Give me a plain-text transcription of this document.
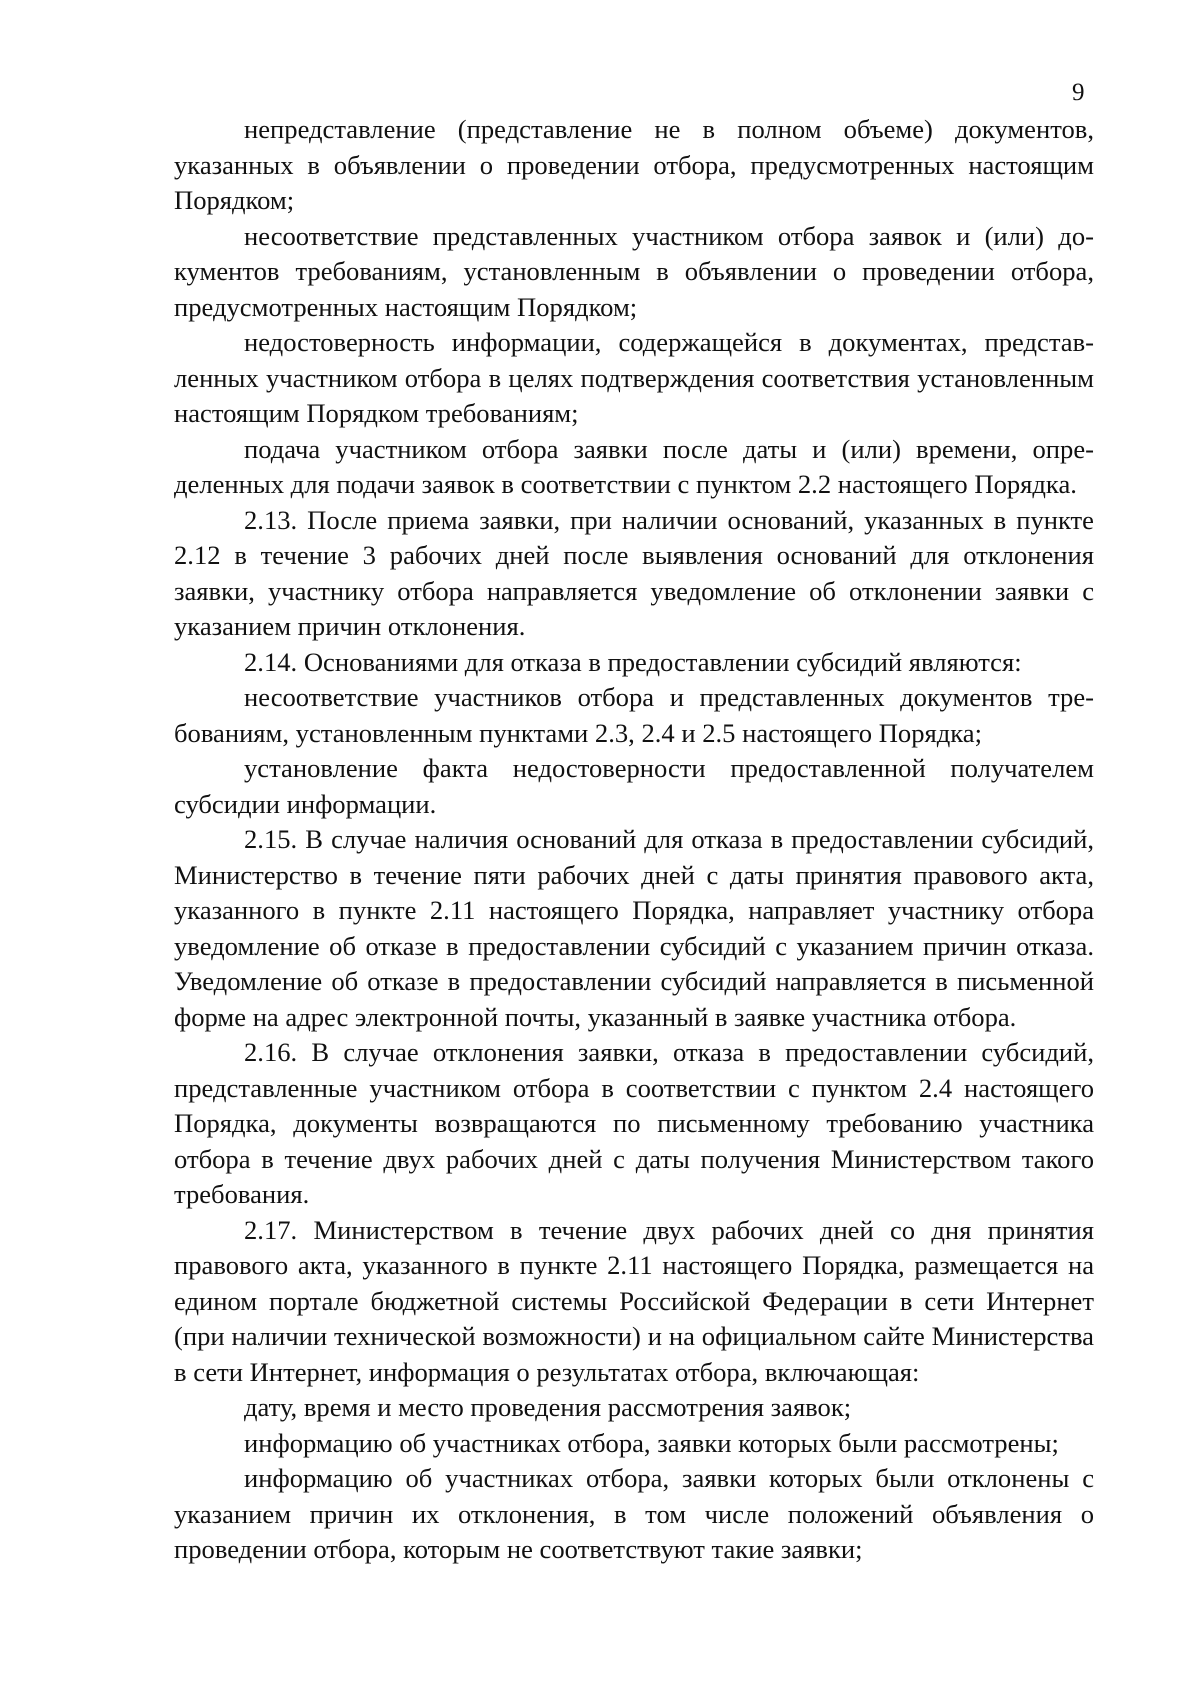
9

непредставление (представление не в полном объеме) документов, указанных в объявлении о проведении отбора, предусмотренных настоящим Порядком;

несоответствие представленных участником отбора заявок и (или) документов требованиям, установленным в объявлении о проведении отбора, предусмотренных настоящим Порядком;

недостоверность информации, содержащейся в документах, представленных участником отбора в целях подтверждения соответствия установленным настоящим Порядком требованиям;

подача участником отбора заявки после даты и (или) времени, определенных для подачи заявок в соответствии с пунктом 2.2 настоящего Порядка.

2.13. После приема заявки, при наличии оснований, указанных в пункте 2.12 в течение 3 рабочих дней после выявления оснований для отклонения заявки, участнику отбора направляется уведомление об отклонении заявки с указанием причин отклонения.

2.14. Основаниями для отказа в предоставлении субсидий являются:

несоответствие участников отбора и представленных документов требованиям, установленным пунктами 2.3, 2.4 и 2.5 настоящего Порядка;

установление факта недостоверности предоставленной получателем субсидии информации.

2.15. В случае наличия оснований для отказа в предоставлении субсидий, Министерство в течение пяти рабочих дней с даты принятия правового акта, указанного в пункте 2.11 настоящего Порядка, направляет участнику отбора уведомление об отказе в предоставлении субсидий с указанием причин отказа. Уведомление об отказе в предоставлении субсидий направляется в письменной форме на адрес электронной почты, указанный в заявке участника отбора.

2.16. В случае отклонения заявки, отказа в предоставлении субсидий, представленные участником отбора в соответствии с пунктом 2.4 настоящего Порядка, документы возвращаются по письменному требованию участника отбора в течение двух рабочих дней с даты получения Министерством такого требования.

2.17. Министерством в течение двух рабочих дней со дня принятия правового акта, указанного в пункте 2.11 настоящего Порядка, размещается на едином портале бюджетной системы Российской Федерации в сети Интернет (при наличии технической возможности) и на официальном сайте Министерства в сети Интернет, информация о результатах отбора, включающая:

дату, время и место проведения рассмотрения заявок;

информацию об участниках отбора, заявки которых были рассмотрены;

информацию об участниках отбора, заявки которых были отклонены с указанием причин их отклонения, в том числе положений объявления о проведении отбора, которым не соответствуют такие заявки;
